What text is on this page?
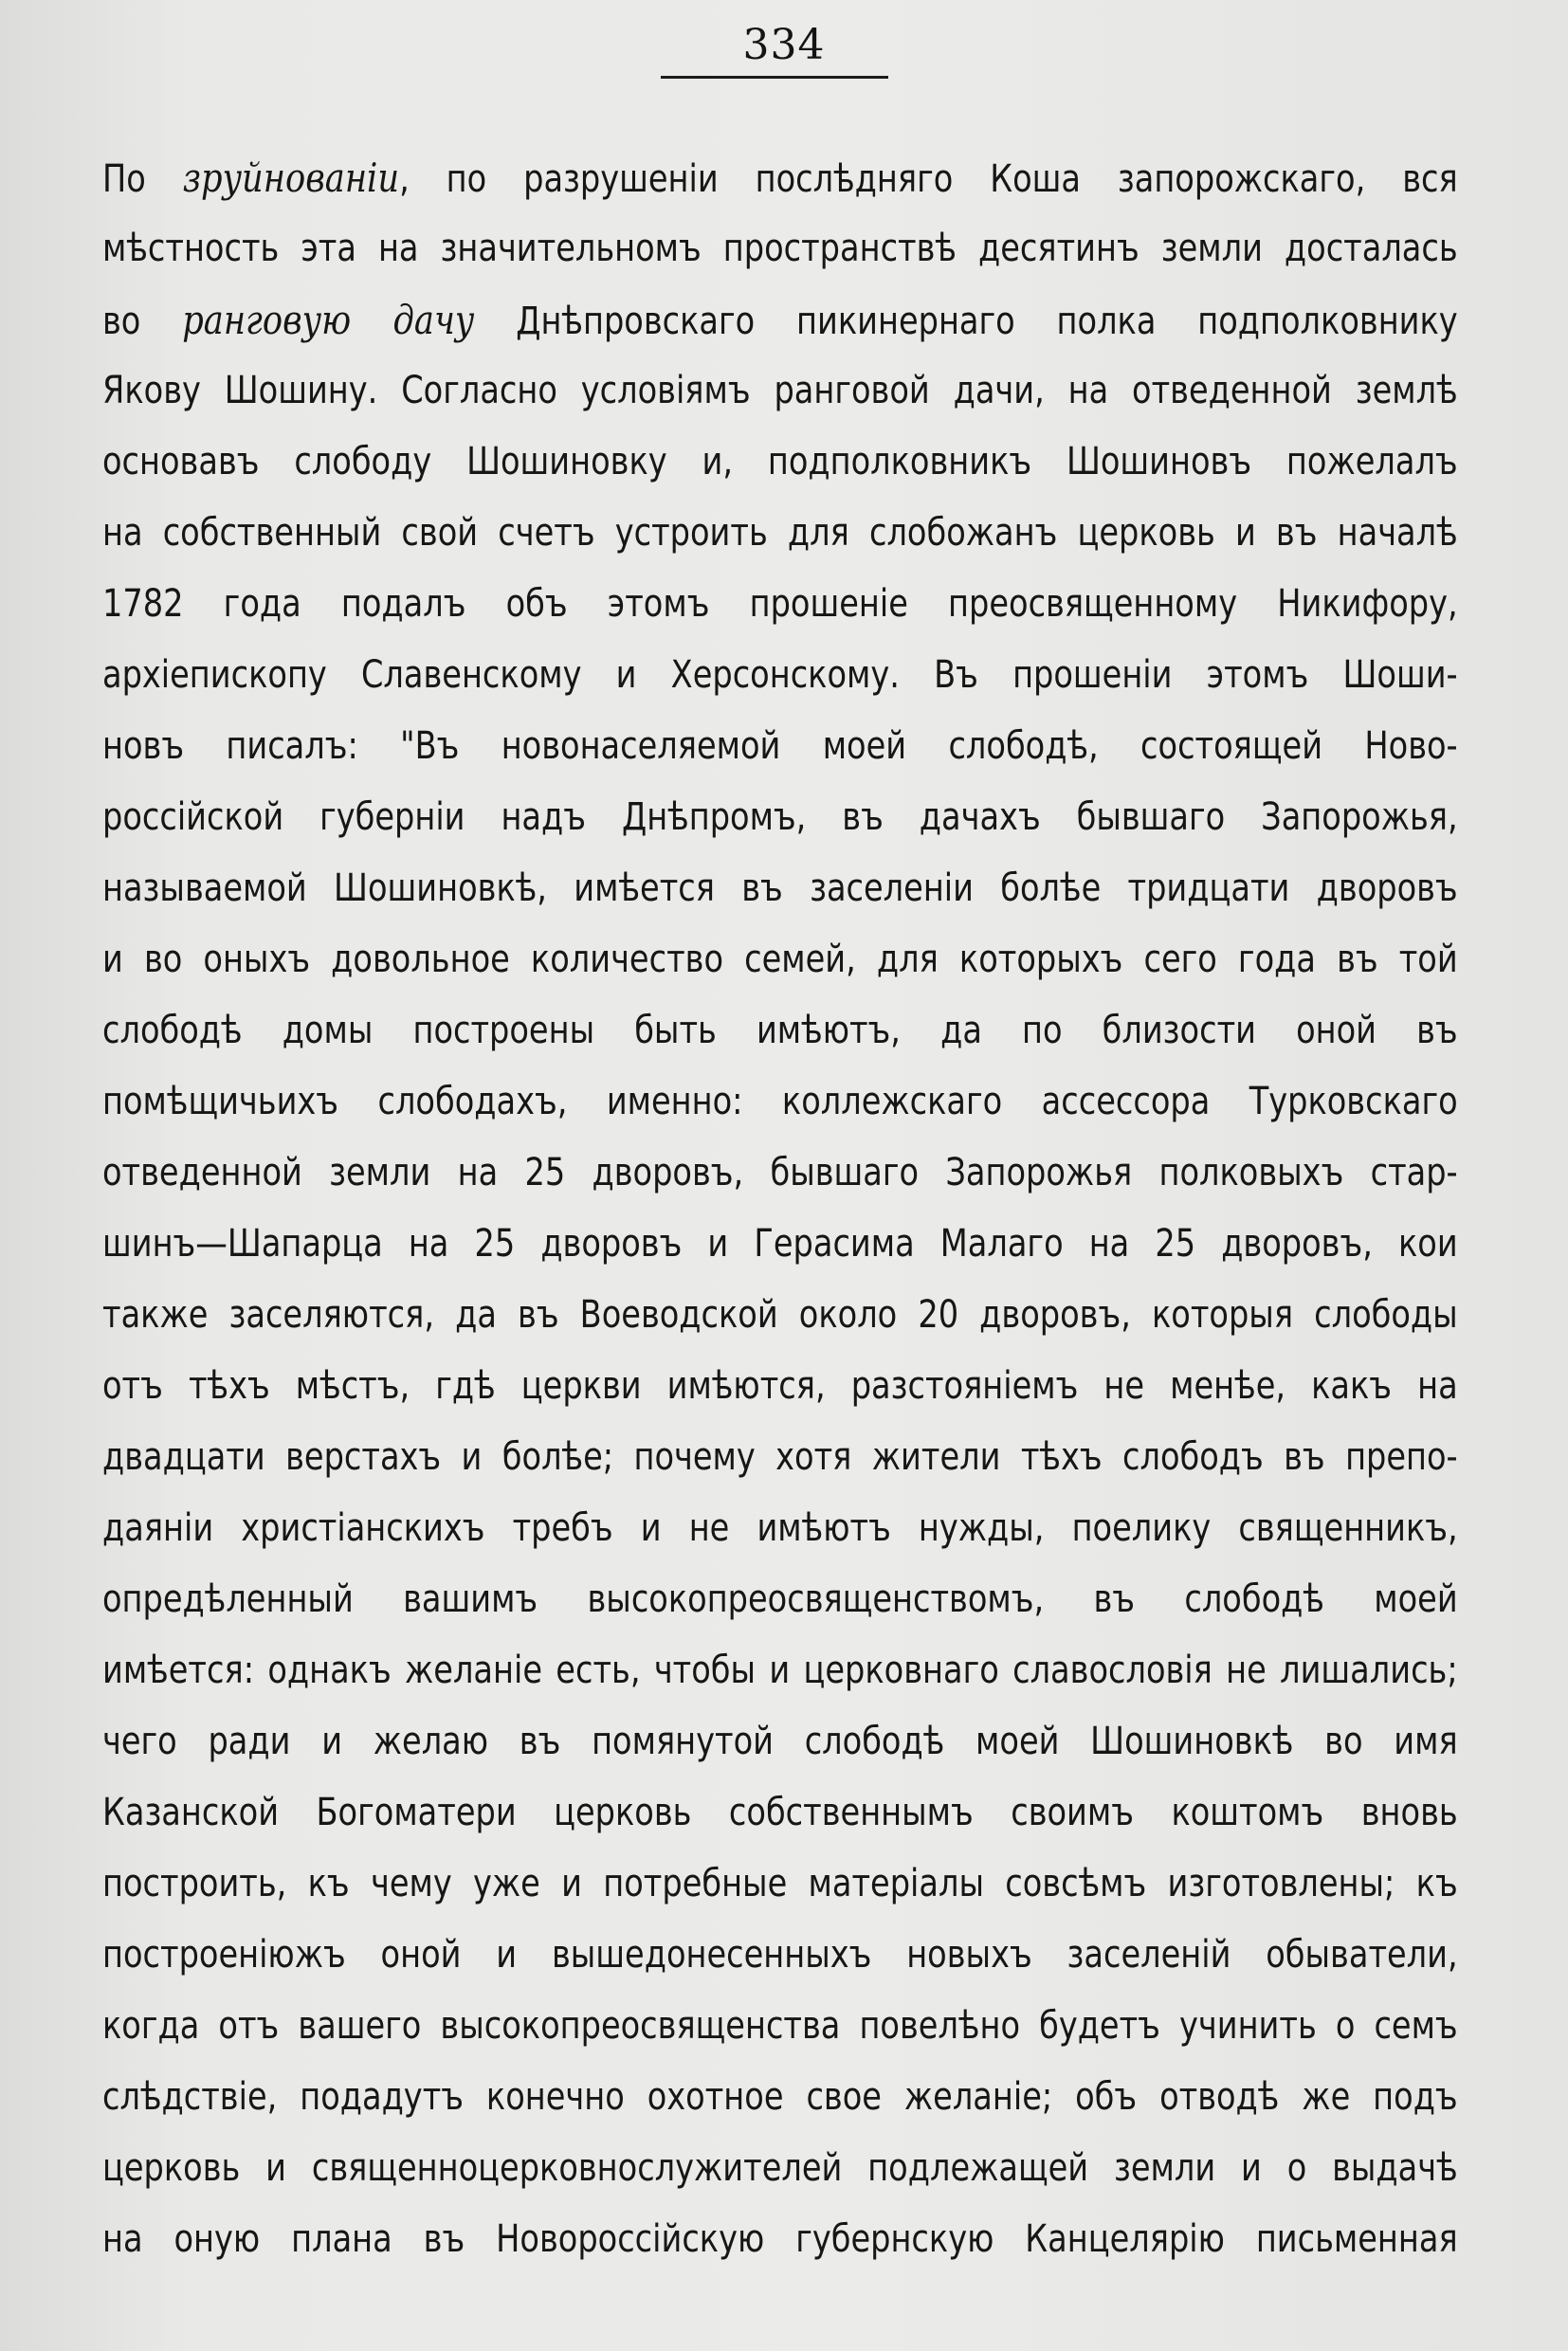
334
По зруйнованіи, по разрушеніи послѣдняго Коша запорожскаго, вся
мѣстность эта на значительномъ пространствѣ десятинъ земли досталась
во ранговую дачу Днѣпровскаго пикинернаго полка подполковнику
Якову Шошину. Согласно условіямъ ранговой дачи, на отведенной землѣ
основавъ слободу Шошиновку и, подполковникъ Шошиновъ пожелалъ
на собственный свой счетъ устроить для слобожанъ церковь и въ началѣ
1782 года подалъ объ этомъ прошеніе преосвященному Никифору,
архіепископу Славенскому и Херсонскому. Въ прошеніи этомъ Шоши-
новъ писалъ: "Въ новонаселяемой моей слободѣ, состоящей Ново-
россійской губерніи надъ Днѣпромъ, въ дачахъ бывшаго Запорожья,
называемой Шошиновкѣ, имѣется въ заселеніи болѣе тридцати дворовъ
и во оныхъ довольное количество семей, для которыхъ сего года въ той
слободѣ домы построены быть имѣютъ, да по близости оной въ
помѣщичьихъ слободахъ, именно: коллежскаго ассессора Турковскаго
отведенной земли на 25 дворовъ, бывшаго Запорожья полковыхъ стар-
шинъ—Шапарца на 25 дворовъ и Герасима Малаго на 25 дворовъ, кои
также заселяются, да въ Воеводской около 20 дворовъ, которыя слободы
отъ тѣхъ мѣстъ, гдѣ церкви имѣются, разстояніемъ не менѣе, какъ на
двадцати верстахъ и болѣе; почему хотя жители тѣхъ слободъ въ препо-
даяніи христіанскихъ требъ и не имѣютъ нужды, поелику священникъ,
опредѣленный вашимъ высокопреосвященствомъ, въ слободѣ моей
имѣется: однакъ желаніе есть, чтобы и церковнаго славословія не лишались;
чего ради и желаю въ помянутой слободѣ моей Шошиновкѣ во имя
Казанской Богоматери церковь собственнымъ своимъ коштомъ вновь
построить, къ чему уже и потребные матеріалы совсѣмъ изготовлены; къ
построеніюжъ оной и вышедонесенныхъ новыхъ заселеній обыватели,
когда отъ вашего высокопреосвященства повелѣно будетъ учинить о семъ
слѣдствіе, подадутъ конечно охотное свое желаніе; объ отводѣ же подъ
церковь и священноцерковнослужителей подлежащей земли и о выдачѣ
на оную плана въ Новороссійскую губернскую Канцелярію письменная
